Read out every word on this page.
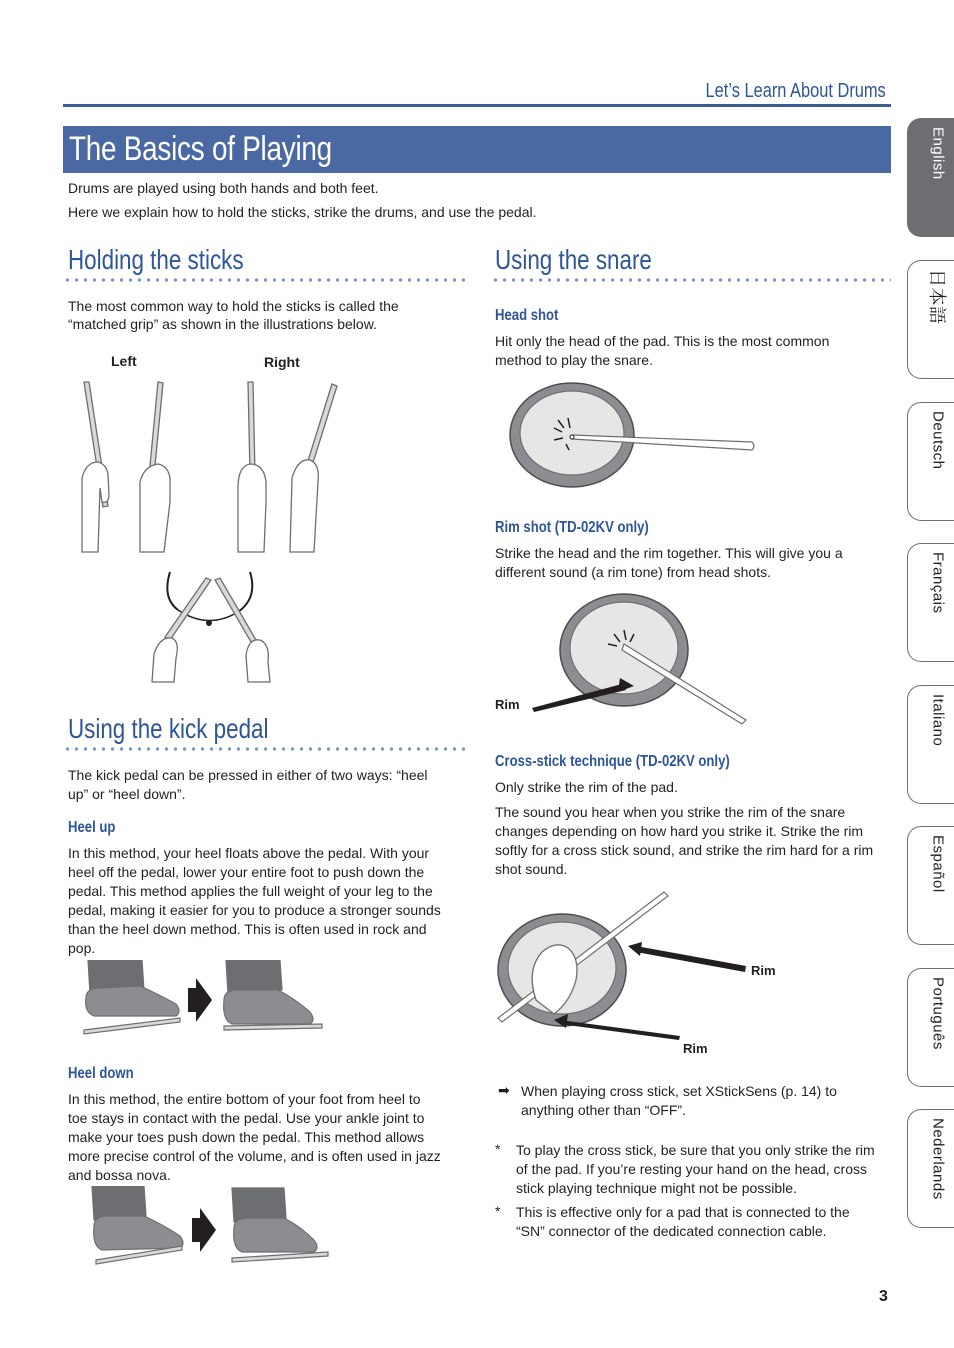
Let’s Learn About Drums
The Basics of Playing

Drums are played using both hands and both feet.

Here we explain how to hold the sticks, strike the drums, and use the pedal.

Holding the sticks

The most common way to hold the sticks is called the

“matched grip” as shown in the illustrations below.

Left	Right
Using the kick pedal

The kick pedal can be pressed in either of two ways: “heel

up” or “heel down”.

Heel up

In this method, your heel floats above the pedal. With your

heel off the pedal, lower your entire foot to push down the

pedal. This method applies the full weight of your leg to the

pedal, making it easier for you to produce a stronger sounds

than the heel down method. This is often used in rock and

pop.

Heel down

In this method, the entire bottom of your foot from heel to

toe stays in contact with the pedal. Use your ankle joint to

make your toes push down the pedal. This method allows

more precise control of the volume, and is often used in jazz

and bossa nova.

Using the snare
Head shot

Hit only the head of the pad. This is the most common

method to play the snare.

Rim shot (TD-02KV only)

Strike the head and the rim together. This will give you a

different sound (a rim tone) from head shots.

Rim
Cross-stick technique (TD-02KV only)

Only strike the rim of the pad.

The sound you hear when you strike the rim of the snare

changes depending on how hard you strike it. Strike the rim

softly for a cross stick sound, and strike the rim hard for a rim

shot sound.

Rim
Rim
➡ When playing cross stick, set XStickSens (p. 14) to

anything other than “OFF”.

* To play the cross stick, be sure that you only strike the rim

of the pad. If you’re resting your hand on the head, cross

stick playing technique might not be possible.

* This is effective only for a pad that is connected to the

“SN” connector of the dedicated connection cable.

English
日本語
Deutsch
Français
Italiano
Español
Português
Nederlands
3
